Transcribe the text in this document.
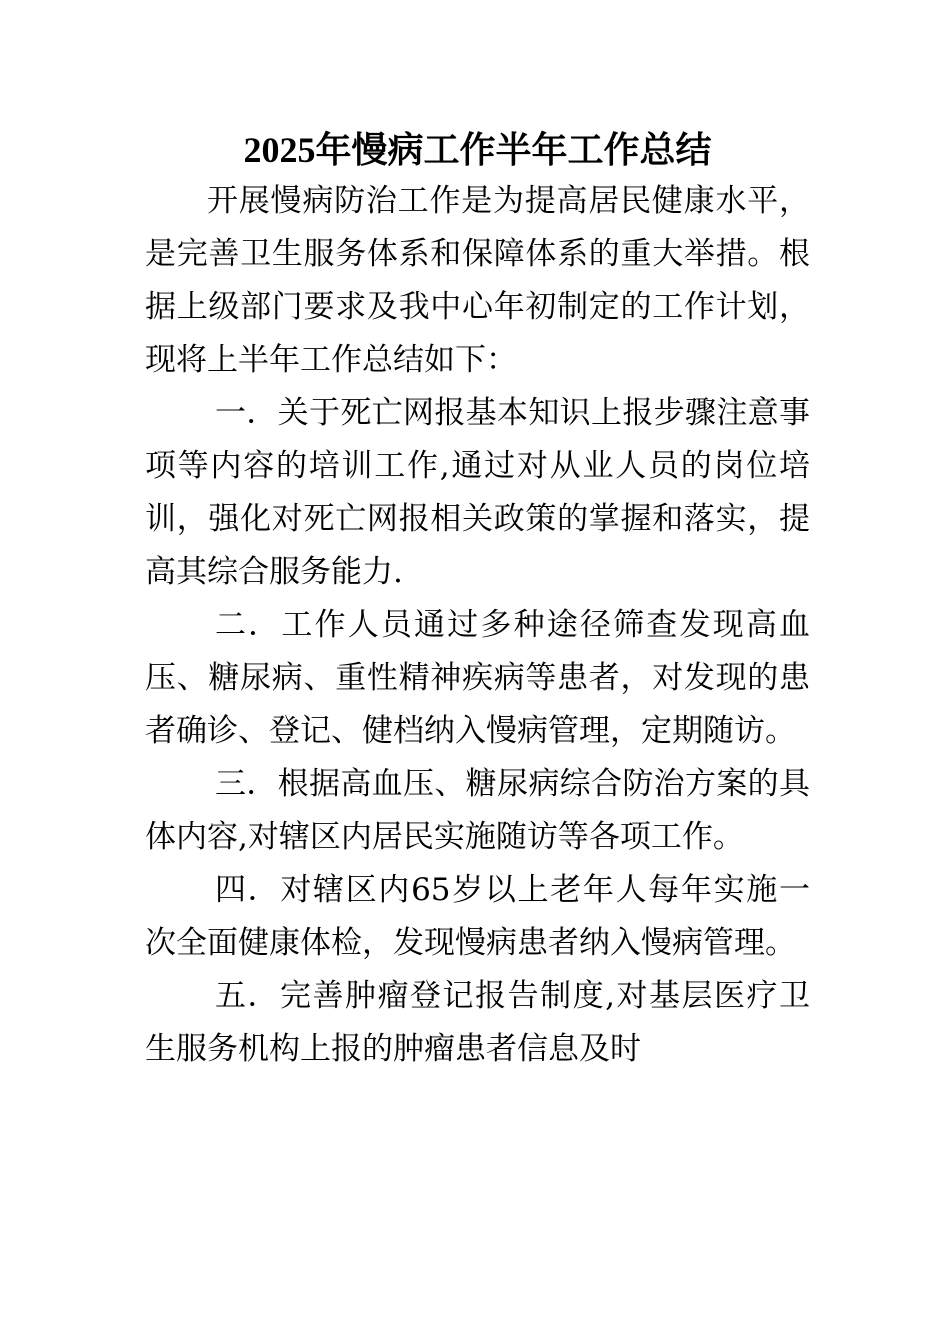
2025年慢病工作半年工作总结

开展慢病防治工作是为提高居民健康水平，是完善卫生服务体系和保障体系的重大举措。根据上级部门要求及我中心年初制定的工作计划，现将上半年工作总结如下：

一．关于死亡网报基本知识上报步骤注意事项等内容的培训工作,通过对从业人员的岗位培训，强化对死亡网报相关政策的掌握和落实，提高其综合服务能力.

二．工作人员通过多种途径筛查发现高血压、糖尿病、重性精神疾病等患者，对发现的患者确诊、登记、健档纳入慢病管理，定期随访。

三．根据高血压、糖尿病综合防治方案的具体内容,对辖区内居民实施随访等各项工作。

四．对辖区内65岁以上老年人每年实施一次全面健康体检，发现慢病患者纳入慢病管理。

五．完善肿瘤登记报告制度,对基层医疗卫生服务机构上报的肿瘤患者信息及时
